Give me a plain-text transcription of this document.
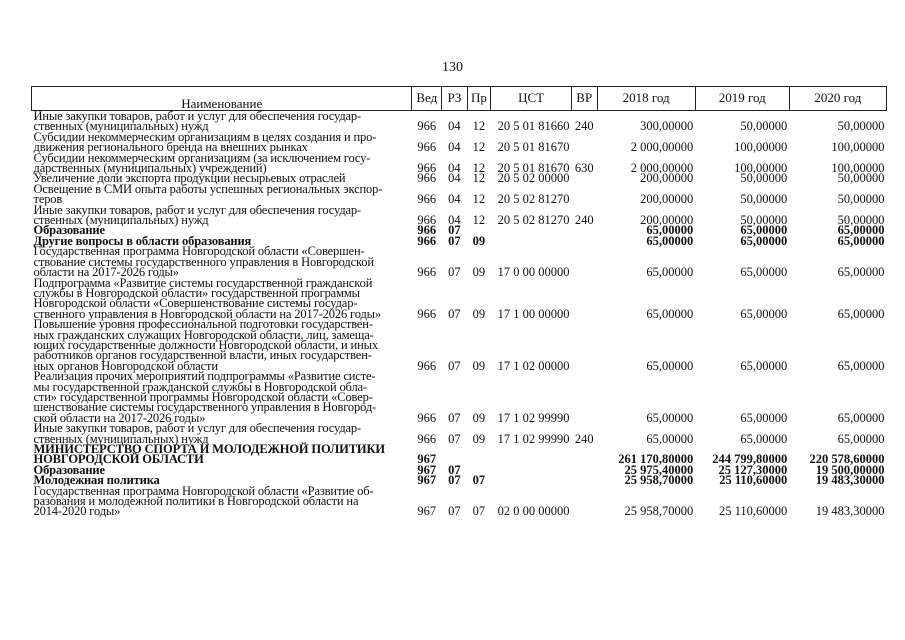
130
Наименование	Вед	РЗ	Пр	ЦСТ	ВР	2018 год	2019 год	2020 год
Иные закупки товаров, работ и услуг для обеспечения государ-
ственных (муниципальных) нужд	966	04	12	20 5 01 81660	240	300,00000	50,00000	50,00000
Субсидии некоммерческим организациям в целях создания и про-
движения регионального бренда на внешних рынках	966	04	12	20 5 01 81670		2 000,00000	100,00000	100,00000
Субсидии некоммерческим организациям (за исключением госу-
дарственных (муниципальных) учреждений)	966	04	12	20 5 01 81670	630	2 000,00000	100,00000	100,00000
Увеличение доли экспорта продукции несырьевых отраслей	966	04	12	20 5 02 00000		200,00000	50,00000	50,00000
Освещение в СМИ опыта работы успешных региональных экспор-
теров	966	04	12	20 5 02 81270		200,00000	50,00000	50,00000
Иные закупки товаров, работ и услуг для обеспечения государ-
ственных (муниципальных) нужд	966	04	12	20 5 02 81270	240	200,00000	50,00000	50,00000
Образование	966	07				65,00000	65,00000	65,00000
Другие вопросы в области образования	966	07	09			65,00000	65,00000	65,00000
Государственная программа Новгородской области «Совершен-
ствование системы государственного управления в Новгородской
области на 2017-2026 годы»	966	07	09	17 0 00 00000		65,00000	65,00000	65,00000
Подпрограмма «Развитие системы государственной гражданской
службы в Новгородской области» государственной программы
Новгородской области «Совершенствование системы государ-
ственного управления в Новгородской области на 2017-2026 годы»	966	07	09	17 1 00 00000		65,00000	65,00000	65,00000
Повышение уровня профессиональной подготовки государствен-
ных гражданских служащих Новгородской области, лиц, замеща-
ющих государственные должности Новгородской области, и иных
работников органов государственной власти, иных государствен-
ных органов Новгородской области	966	07	09	17 1 02 00000		65,00000	65,00000	65,00000
Реализация прочих мероприятий подпрограммы «Развитие систе-
мы государственной гражданской службы в Новгородской обла-
сти» государственной программы Новгородской области «Совер-
шенствование системы государственного управления в Новгород-
ской области на 2017-2026 годы»	966	07	09	17 1 02 99990		65,00000	65,00000	65,00000
Иные закупки товаров, работ и услуг для обеспечения государ-
ственных (муниципальных) нужд	966	07	09	17 1 02 99990	240	65,00000	65,00000	65,00000
МИНИСТЕРСТВО СПОРТА И МОЛОДЕЖНОЙ ПОЛИТИКИ
НОВГОРОДСКОЙ ОБЛАСТИ	967					261 170,80000	244 799,80000	220 578,60000
Образование	967	07				25 975,40000	25 127,30000	19 500,00000
Молодежная политика	967	07	07			25 958,70000	25 110,60000	19 483,30000
Государственная программа Новгородской области «Развитие об-
разования и молодежной политики в Новгородской области на
2014-2020 годы»	967	07	07	02 0 00 00000		25 958,70000	25 110,60000	19 483,30000
